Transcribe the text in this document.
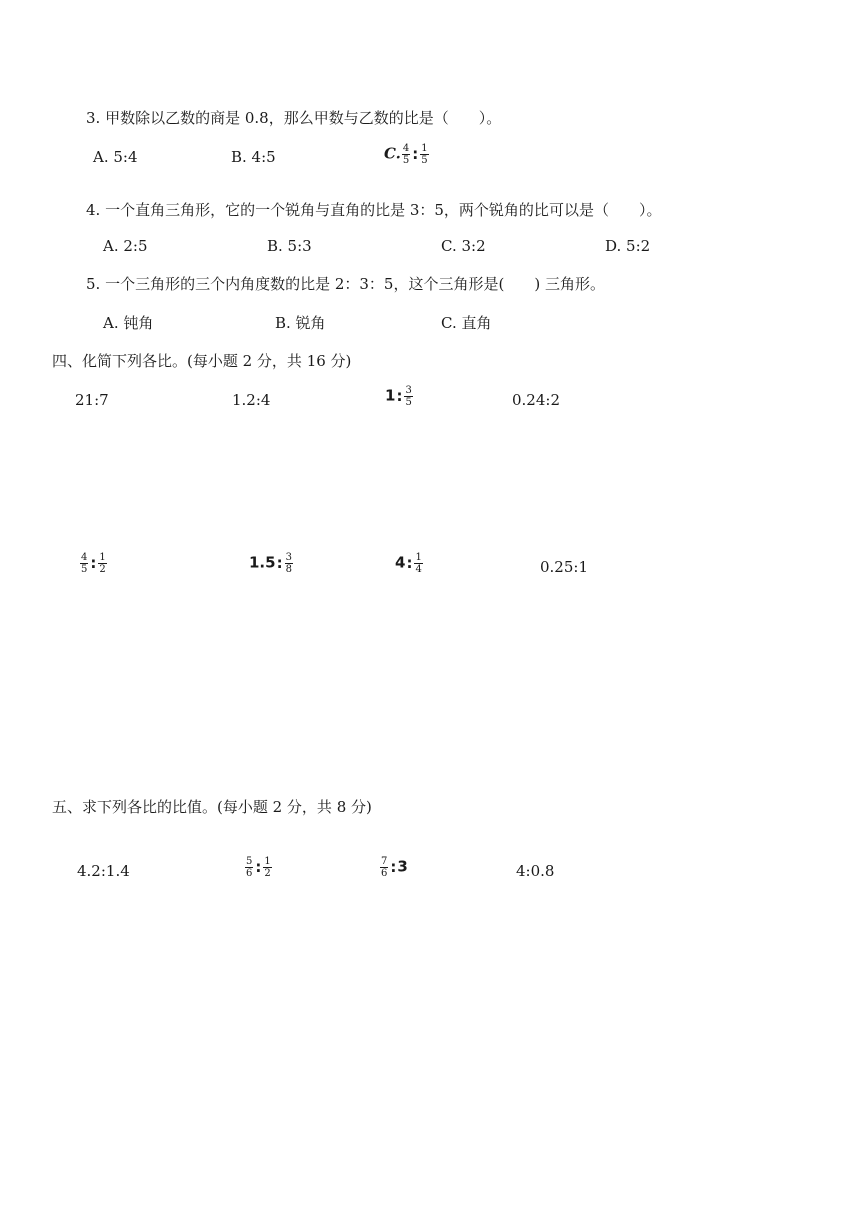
3. 甲数除以乙数的商是 0.8，那么甲数与乙数的比是（　　）。
A. 5:4	B. 4:5	C. $\frac{4}{5}$ : $\frac{1}{5}$
4. 一个直角三角形，它的一个锐角与直角的比是 3：5，两个锐角的比可以是（　　）。
A. 2:5	B. 5:3	C. 3:2	D. 5:2
5. 一个三角形的三个内角度数的比是 2：3：5，这个三角形是(　　) 三角形。
A. 钝角	B. 锐角	C. 直角
四、化简下列各比。(每小题 2 分，共 16 分)
21:7	1.2:4	1: $\frac{3}{5}$	0.24:2
$\frac{4}{5}$ : $\frac{1}{2}$	1.5: $\frac{3}{8}$	4: $\frac{1}{4}$	0.25:1
五、求下列各比的比值。(每小题 2 分，共 8 分)
4.2:1.4	$\frac{5}{6}$ : $\frac{1}{2}$	$\frac{7}{6}$ :3	4:0.8
